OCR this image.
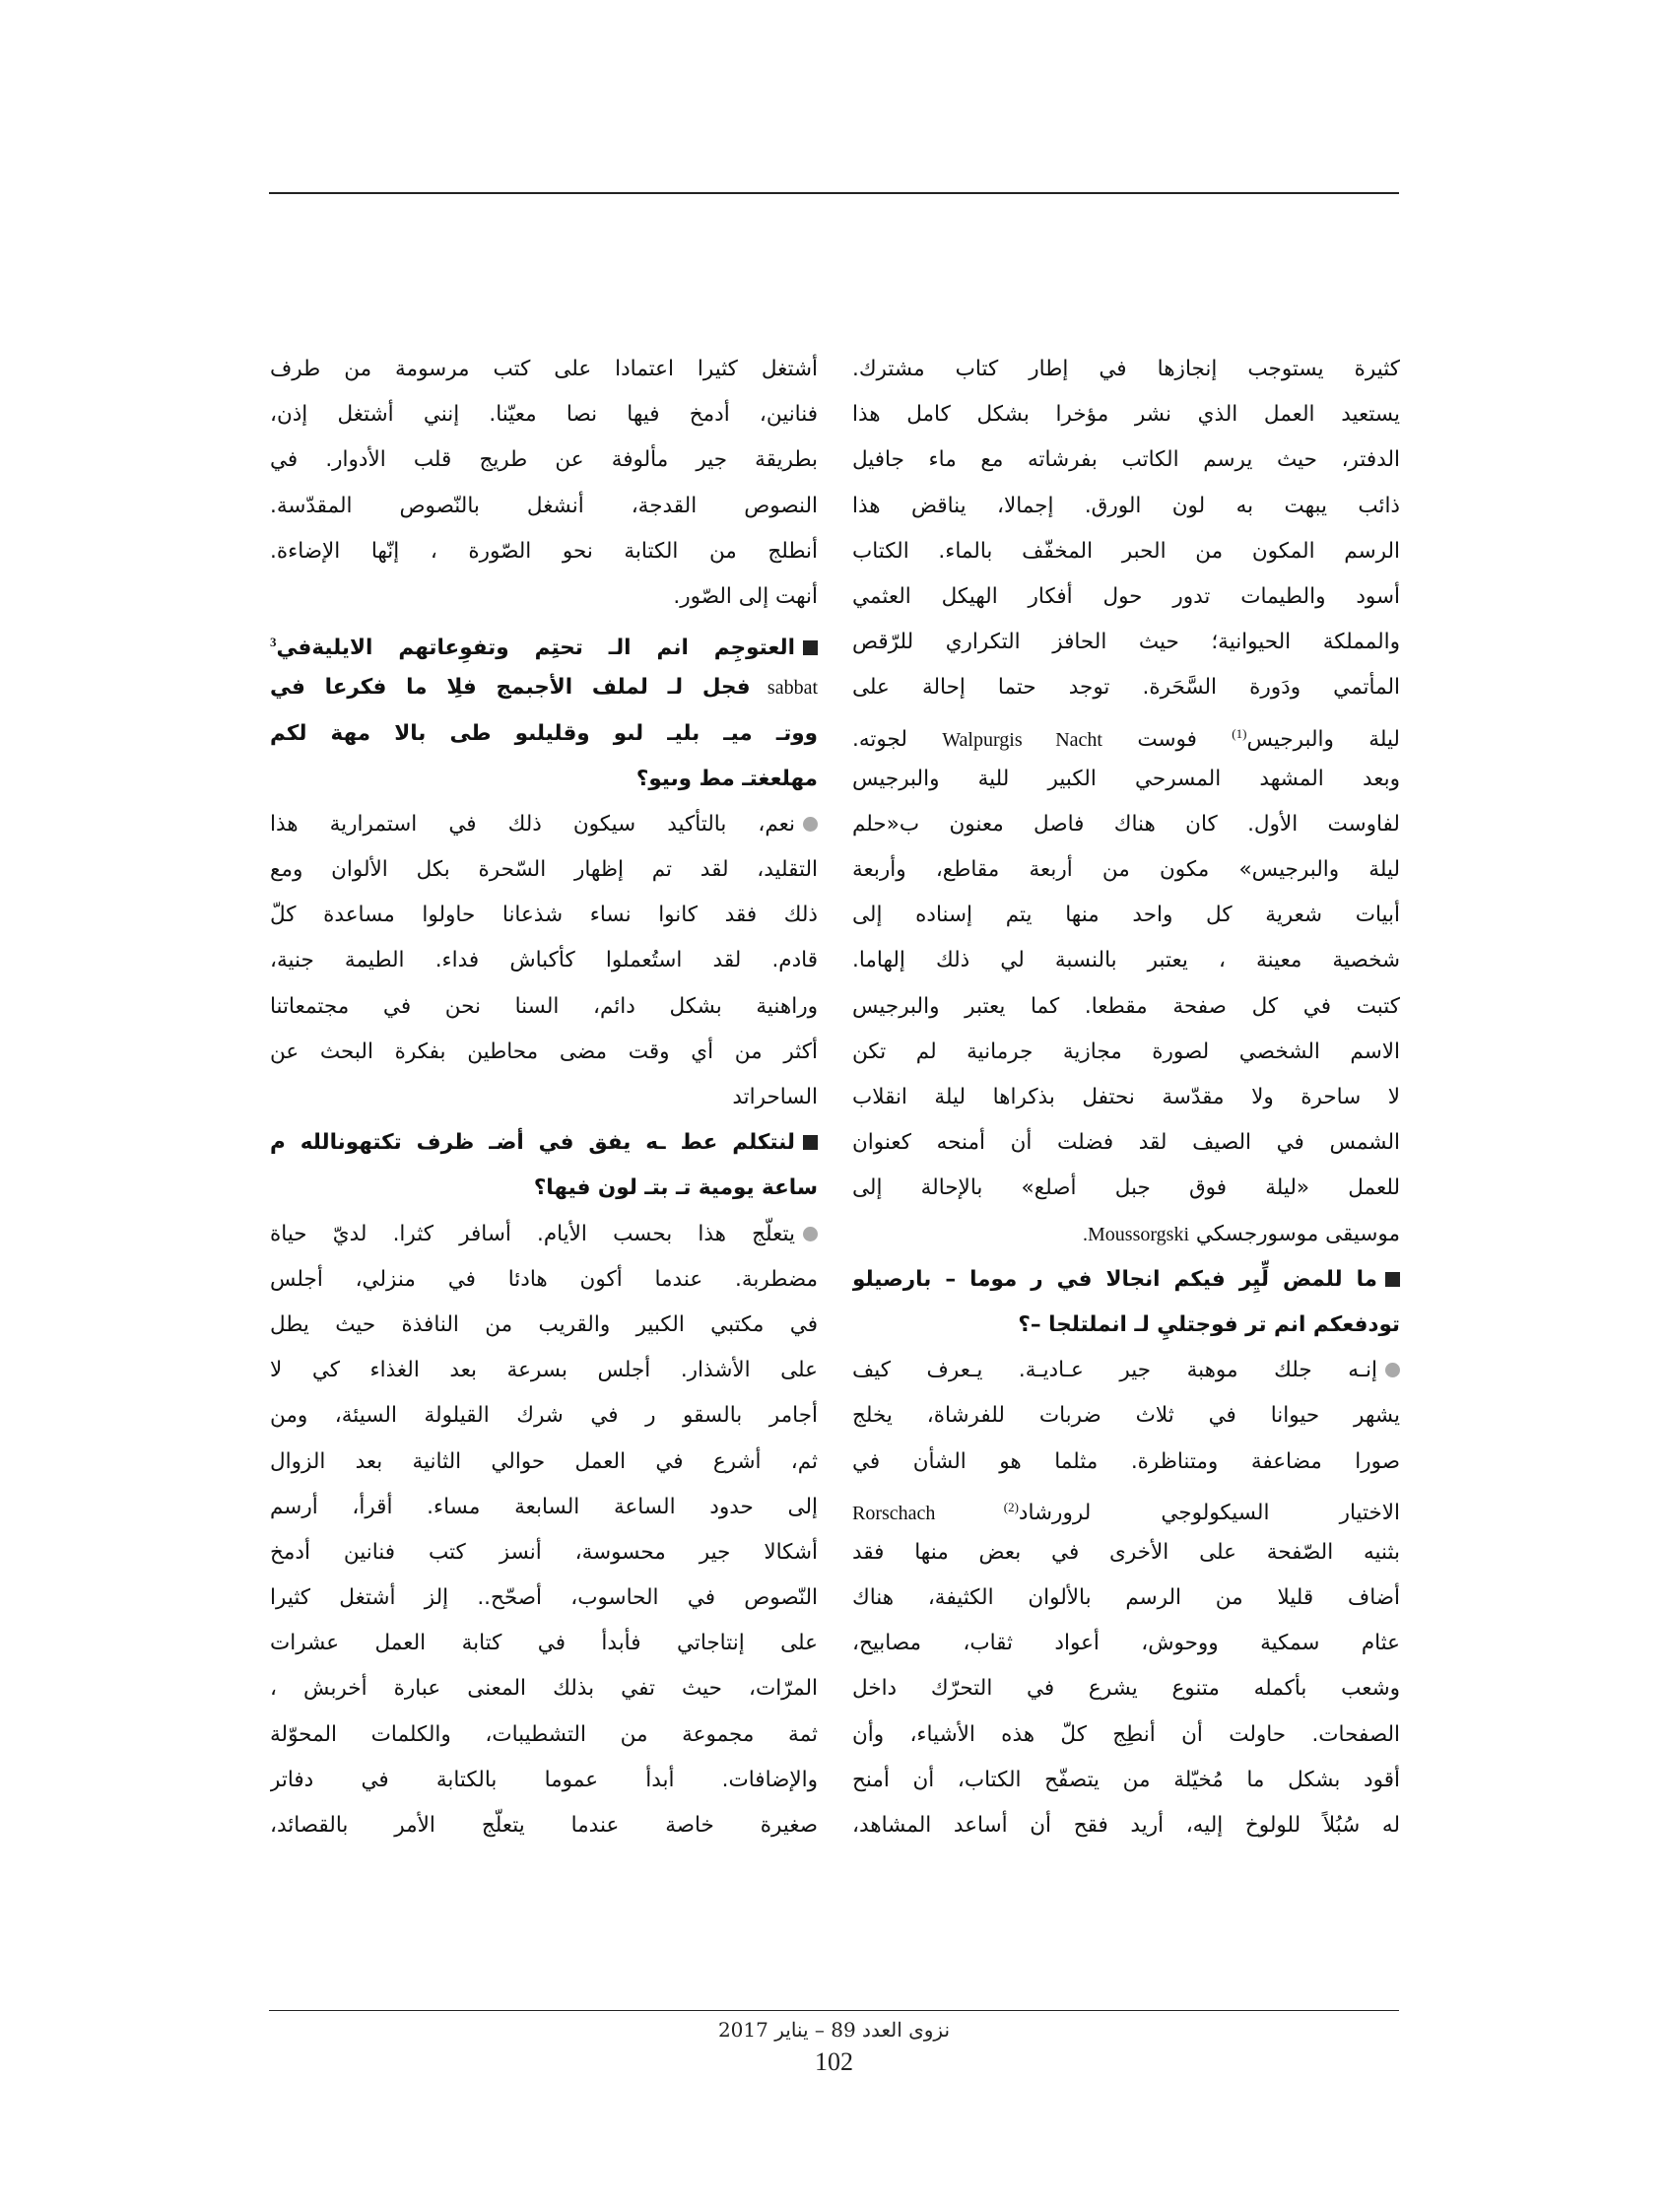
كثيرة يستوجب إنجازها في إطار كتاب مشترك.
يستعيد العمل الذي نشر مؤخرا بشكل كامل هذا
الدفتر، حيث يرسم الكاتب بفرشاته مع ماء جافيل
ذائب يبهت به لون الورق. إجمالا، يناقض هذا
الرسم المكون من الحبر المخفّف بالماء. الكتاب
أسود والطيمات تدور حول أفكار الهيكل العثمي
والمملكة الحيوانية؛ حيث الحافز التكراري للرّقص
المأتمي ودَورة السَّحَرة. توجد حتما إحالة على
ليلة والبرجيس$^{(1)}$ فوست Walpurgis Nacht لجوته.
وبعد المشهد المسرحي الكبير للية والبرجيس
لفاوست الأول. كان هناك فاصل معنون ب«حلم
ليلة والبرجيس» مكون من أربعة مقاطع، وأربعة
أبيات شعرية كل واحد منها يتم إسناده إلى
شخصية معينة ، يعتبر بالنسبة لي ذلك إلهاما.
كتبت في كل صفحة مقطعا. كما يعتبر والبرجيس
الاسم الشخصي لصورة مجازية جرمانية لم تكن
لا ساحرة ولا مقدّسة نحتفل بذكراها ليلة انقلاب
الشمس في الصيف لقد فضلت أن أمنحه كعنوان
للعمل «ليلة فوق جبل أصلع» بالإحالة إلى
موسيقى موسورجسكي Moussorgski.
ما للمض لِّيِر فيكم انجالا في ر موما – بارصيلو
تودفعكم انم تر فوجتليِ لـ انملتلجا –؟
إنـه جلك موهبة جير عـاديـة. يـعرف كيف
يشهر حيوانا في ثلاث ضربات للفرشاة، يخلج
صورا مضاعفة ومتناظرة. مثلما هو الشأن في
الاختيار السيكولوجي لرورشاد$^{(2)}$ Rorschach
بثنيه الصّفحة على الأخرى في بعض منها فقد
أضاف قليلا من الرسم بالألوان الكثيفة، هناك
عثام سمكية ووحوش، أعواد ثقاب، مصابيح،
وشعب بأكمله متنوع يشرع في التحرّك داخل
الصفحات. حاولت أن أنطِج كلّ هذه الأشياء، وأن
أقود بشكل ما مُخيّلة من يتصفّح الكتاب، أن أمنح
له سُبُلاً للولوخ إليه، أريد فقح أن أساعد المشاهد،
أشتغل كثيرا اعتمادا على كتب مرسومة من طرف
فنانين، أدمخ فيها نصا معيّنا. إنني أشتغل إذن،
بطريقة جير مألوفة عن طريج قلب الأدوار. في
النصوص القدجة، أنشغل بالنّصوص المقدّسة.
أنطلج من الكتابة نحو الصّورة ، إنّها الإضاءة.
أنهت إلى الصّور.
العتوجِم انم الـ تحتِم وتفوِعاتهم الايليةفي$^3$
sabbat فجل لـ لملف الأجبمج فلِا ما فكرعا في
ووتـ ميـ بليـ لىو وقليلىو طى بالا مهة لكم
مهلعغتـ مط وىيو؟
نعم، بالتأكيد سيكون ذلك في استمرارية هذا
التقليد، لقد تم إظهار السّحرة بكل الألوان ومع
ذلك فقد كانوا نساء شذعانا حاولوا مساعدة كلّ
قادم. لقد استُعملوا كأكباش فداء. الطيمة جنية،
وراهنية بشكل دائم، السنا نحن في مجتمعاتنا
أكثر من أي وقت مضى محاطين بفكرة البحث عن
الساحراتد
لنتكلم عط ـه يفق في أضـ ظرف تكتهونالله م
ساعة يومية تـ بتـ لون فيها؟
يتعلّج هذا بحسب الأيام. أسافر كثرا. لديّ حياة
مضطربة. عندما أكون هادئا في منزلي، أجلس
في مكتبي الكبير والقريب من النافذة حيث يطل
على الأشذار. أجلس بسرعة بعد الغذاء كي لا
أجامر بالسقو ر في شرك القيلولة السيئة، ومن
ثم، أشرع في العمل حوالي الثانية بعد الزوال
إلى حدود الساعة السابعة مساء. أقرأ، أرسم
أشكالا جير محسوسة، أنسز كتب فنانين أدمخ
النّصوص في الحاسوب، أصحّح.. إلز أشتغل كثيرا
على إنتاجاتي فأبدأ في كتابة العمل عشرات
المرّات، حيث تفي بذلك المعنى عبارة أخربش ،
ثمة مجموعة من التشطيبات، والكلمات المحوّلة
والإضافات. أبدأ عموما بالكتابة في دفاتر
صغيرة خاصة عندما يتعلّج الأمر بالقصائد،
نزوى العدد 89 – يناير 2017
102
